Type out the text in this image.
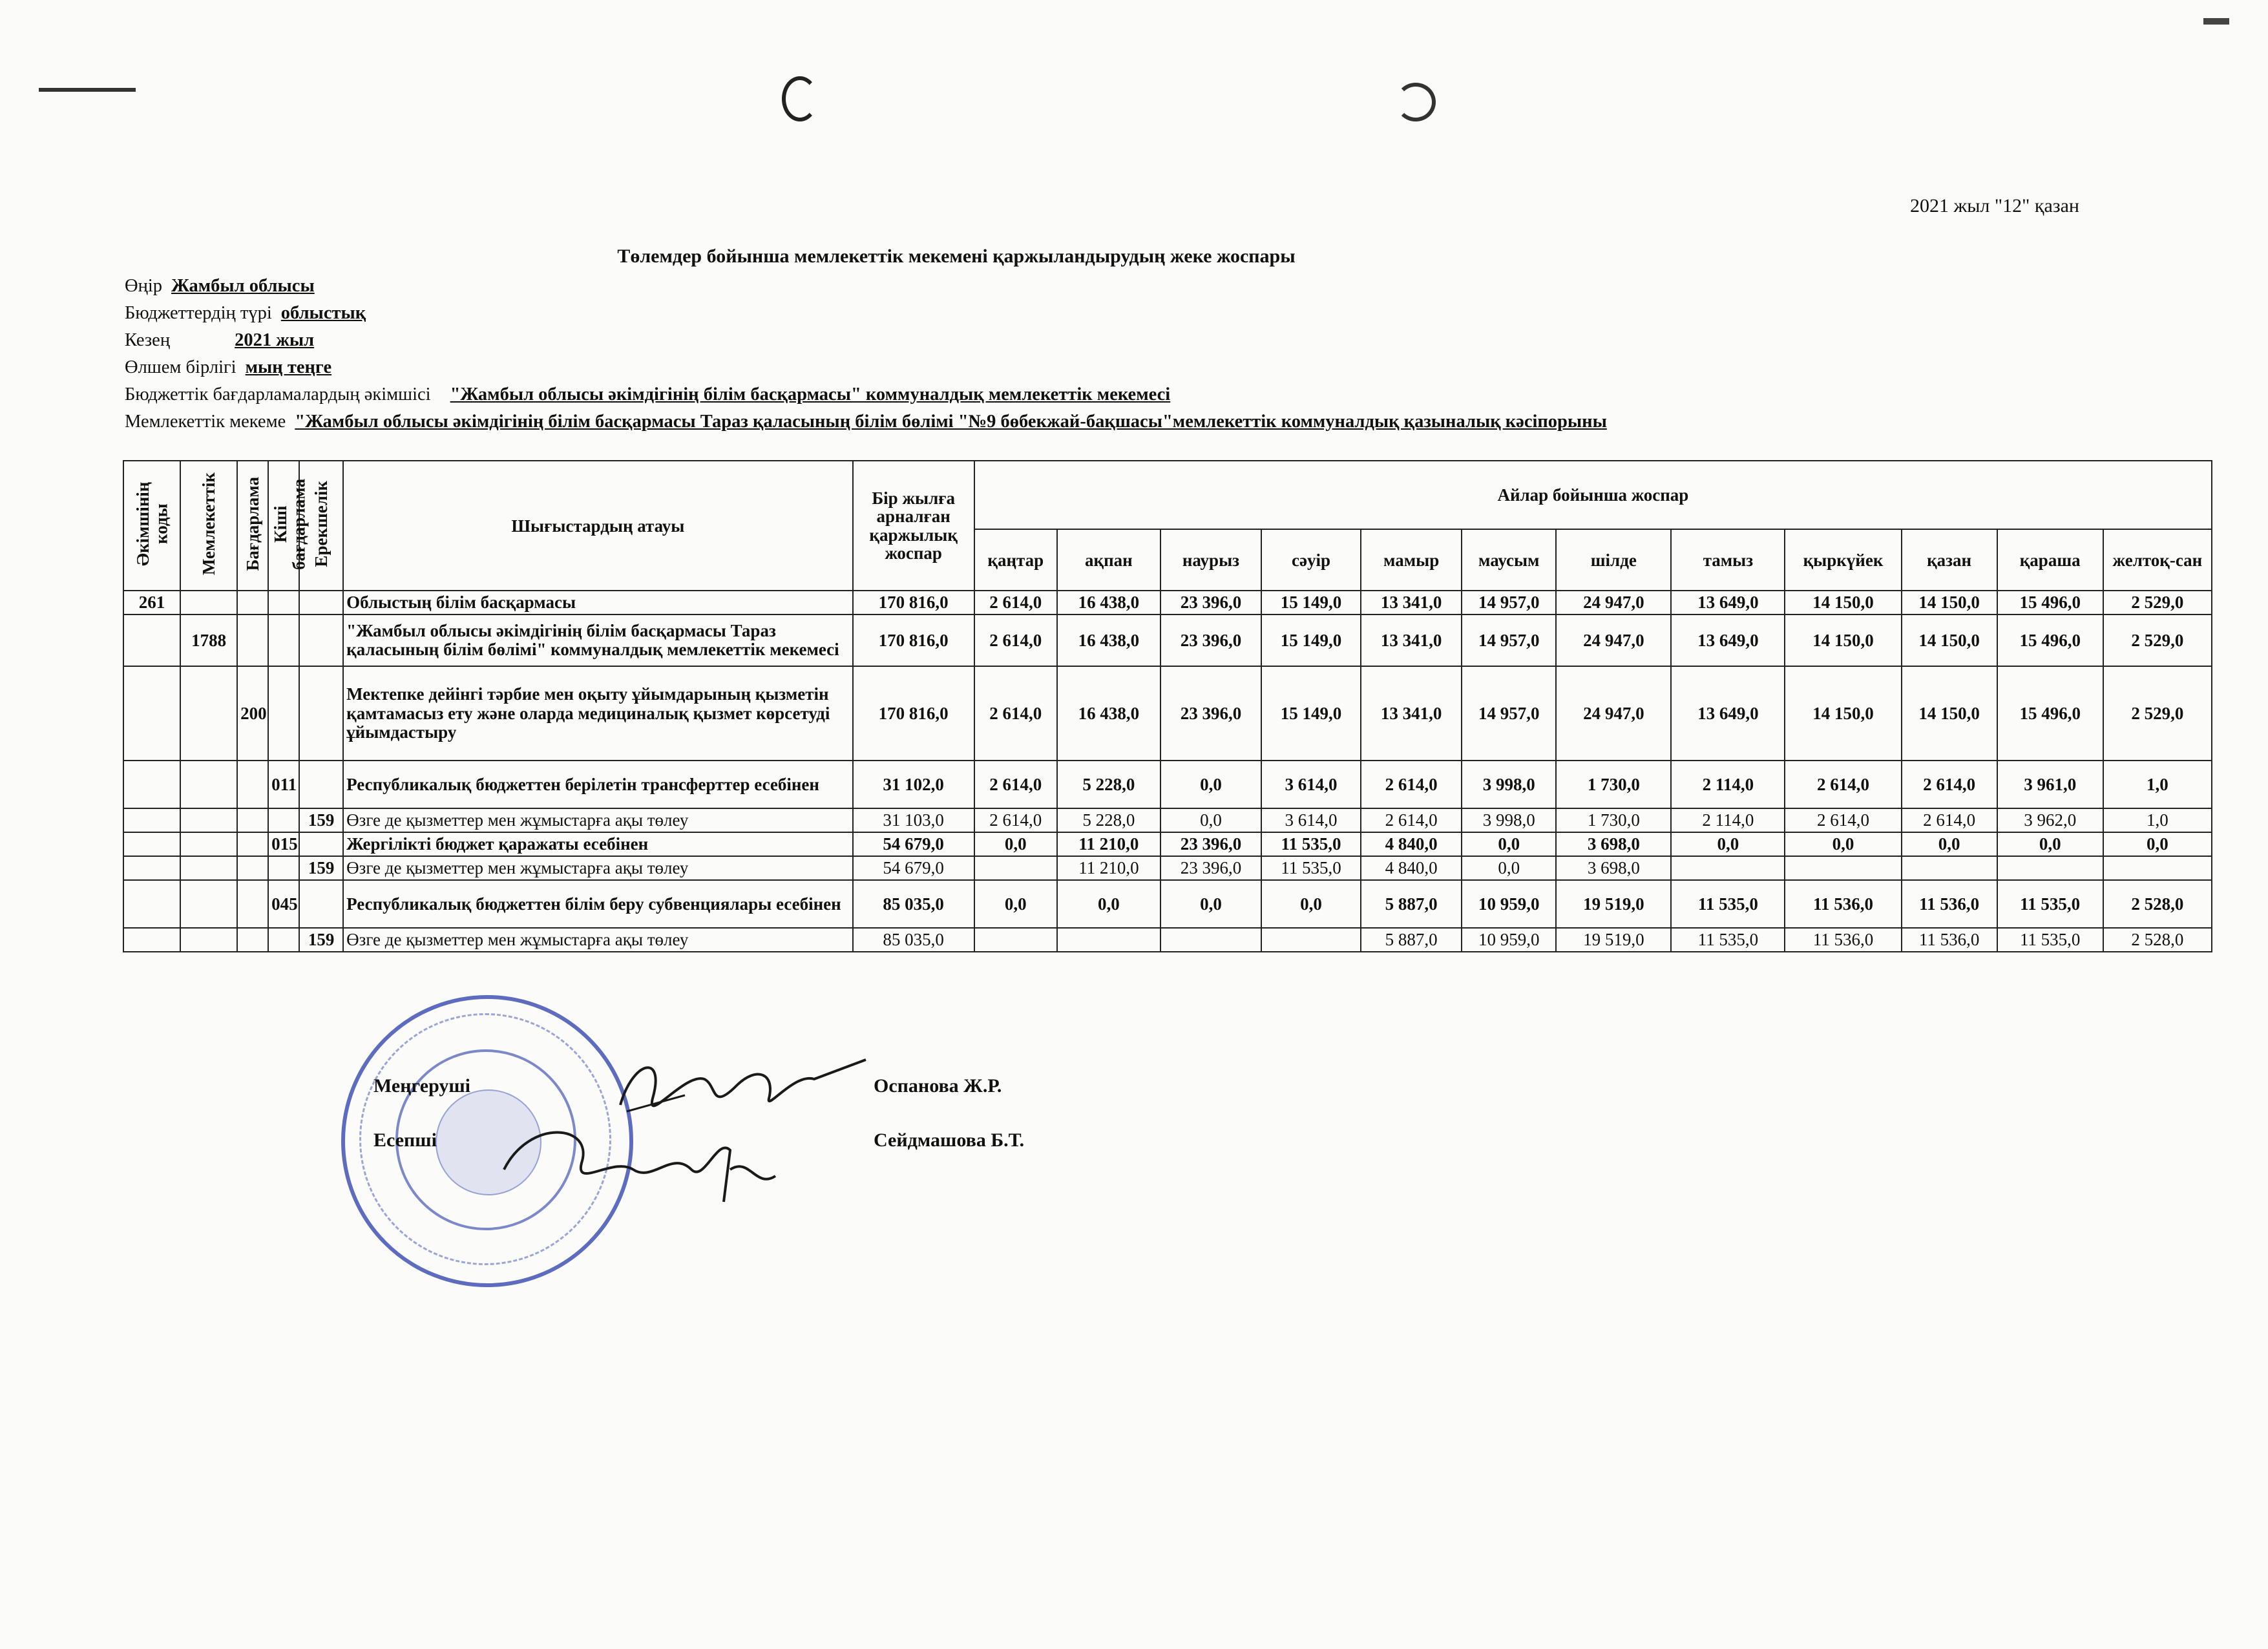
2021 жыл "12" қазан
Төлемдер бойынша мемлекеттік мекемені қаржыландырудың жеке жоспары
Өңір Жамбыл облысы
Бюджеттердің түрі облыстық
Кезең	2021 жыл
Өлшем бірлігі мың теңге
Бюджеттік бағдарламалардың әкімшісі "Жамбыл облысы әкімдігінің білім басқармасы" коммуналдық мемлекеттік мекемесі
Мемлекеттік мекеме "Жамбыл облысы әкімдігінің білім басқармасы Тараз қаласының білім бөлімі "№9 бөбекжай-бақшасы"мемлекеттік коммуналдық қазыналық кәсіпорыны
Әкімшінің коды	Мемлекеттік	Бағдарлама	Кіші бағдарлама	Ерекшелік	Шығыстардың атауы	Бір жылға арналған қаржылық жоспар	Айлар бойынша жоспар											
							қаңтар	ақпан	наурыз	сәуір	мамыр	маусым	шілде	тамыз	қыркүйек	қазан	қараша	желтоқ-сан
261					Облыстың білім басқармасы	170 816,0	2 614,0	16 438,0	23 396,0	15 149,0	13 341,0	14 957,0	24 947,0	13 649,0	14 150,0	14 150,0	15 496,0	2 529,0
	1788				"Жамбыл облысы әкімдігінің білім басқармасы Тараз қаласының білім бөлімі" коммуналдық мемлекеттік мекемесі	170 816,0	2 614,0	16 438,0	23 396,0	15 149,0	13 341,0	14 957,0	24 947,0	13 649,0	14 150,0	14 150,0	15 496,0	2 529,0
		200			Мектепке дейінгі тәрбие мен оқыту ұйымдарының қызметін қамтамасыз ету және оларда медициналық қызмет көрсетуді ұйымдастыру	170 816,0	2 614,0	16 438,0	23 396,0	15 149,0	13 341,0	14 957,0	24 947,0	13 649,0	14 150,0	14 150,0	15 496,0	2 529,0
			011		Республикалық бюджеттен берілетін трансферттер есебінен	31 102,0	2 614,0	5 228,0	0,0	3 614,0	2 614,0	3 998,0	1 730,0	2 114,0	2 614,0	2 614,0	3 961,0	1,0
				159	Өзге де қызметтер мен жұмыстарға ақы төлеу	31 103,0	2 614,0	5 228,0	0,0	3 614,0	2 614,0	3 998,0	1 730,0	2 114,0	2 614,0	2 614,0	3 962,0	1,0
			015		Жергілікті бюджет қаражаты есебінен	54 679,0	0,0	11 210,0	23 396,0	11 535,0	4 840,0	0,0	3 698,0	0,0	0,0	0,0	0,0	0,0
				159	Өзге де қызметтер мен жұмыстарға ақы төлеу	54 679,0		11 210,0	23 396,0	11 535,0	4 840,0	0,0	3 698,0					
			045		Республикалық бюджеттен білім беру субвенциялары есебінен	85 035,0	0,0	0,0	0,0	0,0	5 887,0	10 959,0	19 519,0	11 535,0	11 536,0	11 536,0	11 535,0	2 528,0
				159	Өзге де қызметтер мен жұмыстарға ақы төлеу	85 035,0					5 887,0	10 959,0	19 519,0	11 535,0	11 536,0	11 536,0	11 535,0	2 528,0
Меңгеруші	Оспанова Ж.Р.
Есепші	Сейдмашова Б.Т.
